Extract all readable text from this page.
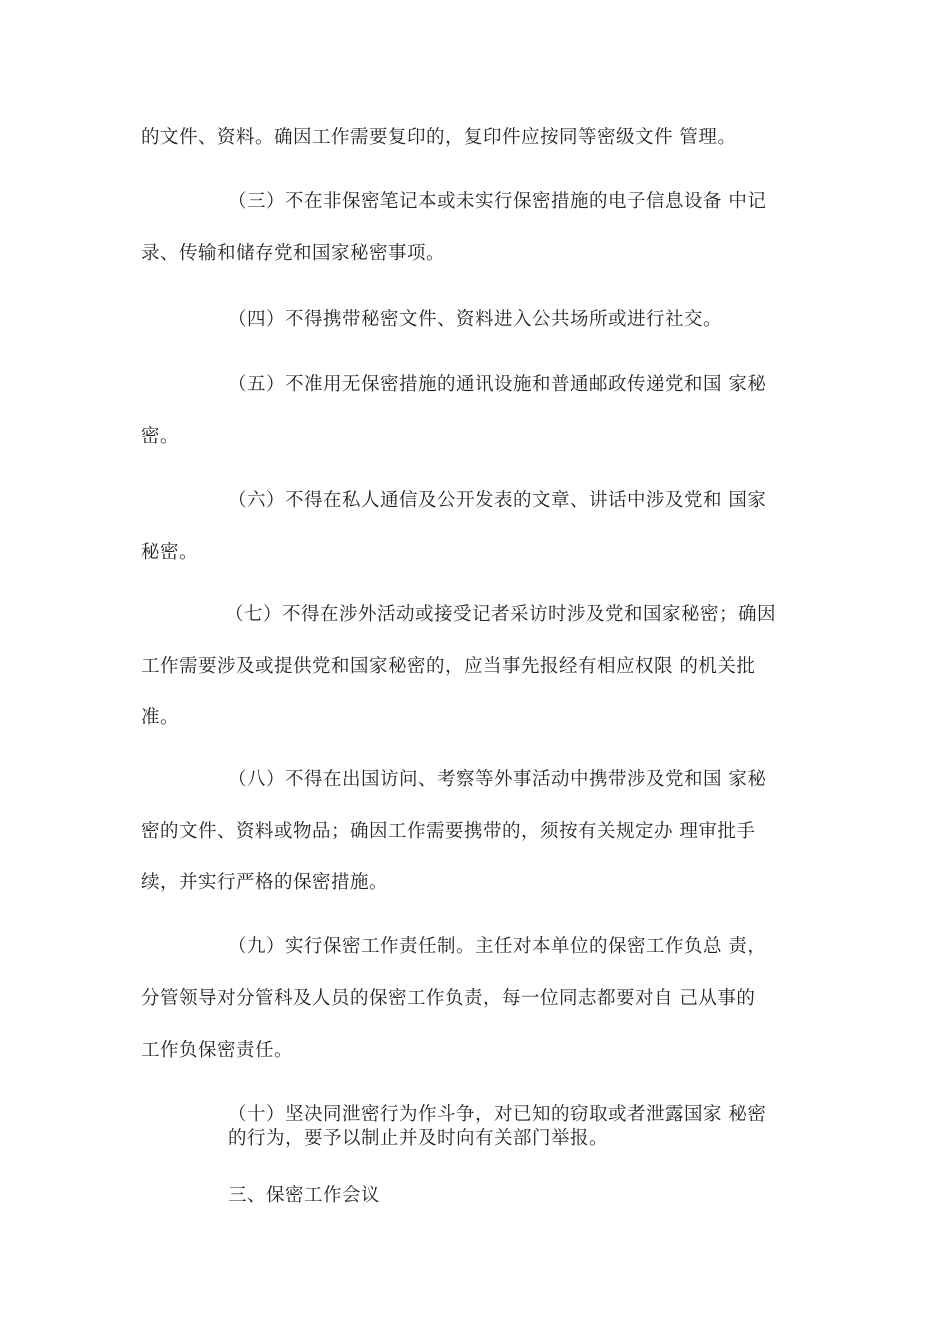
的文件、资料。确因工作需要复印的，复印件应按同等密级文件 管理。
（三）不在非保密笔记本或未实行保密措施的电子信息设备 中记
录、传输和储存党和国家秘密事项。
（四）不得携带秘密文件、资料进入公共场所或进行社交。
（五）不准用无保密措施的通讯设施和普通邮政传递党和国 家秘
密。
（六）不得在私人通信及公开发表的文章、讲话中涉及党和 国家
秘密。
（七）不得在涉外活动或接受记者采访时涉及党和国家秘密；确因
工作需要涉及或提供党和国家秘密的，应当事先报经有相应权限 的机关批
准。
（八）不得在出国访问、考察等外事活动中携带涉及党和国 家秘
密的文件、资料或物品；确因工作需要携带的，须按有关规定办 理审批手
续，并实行严格的保密措施。
（九）实行保密工作责任制。主任对本单位的保密工作负总 责，
分管领导对分管科及人员的保密工作负责，每一位同志都要对自 己从事的
工作负保密责任。
（十）坚决同泄密行为作斗争，对已知的窃取或者泄露国家 秘密
的行为，要予以制止并及时向有关部门举报。
三、保密工作会议
